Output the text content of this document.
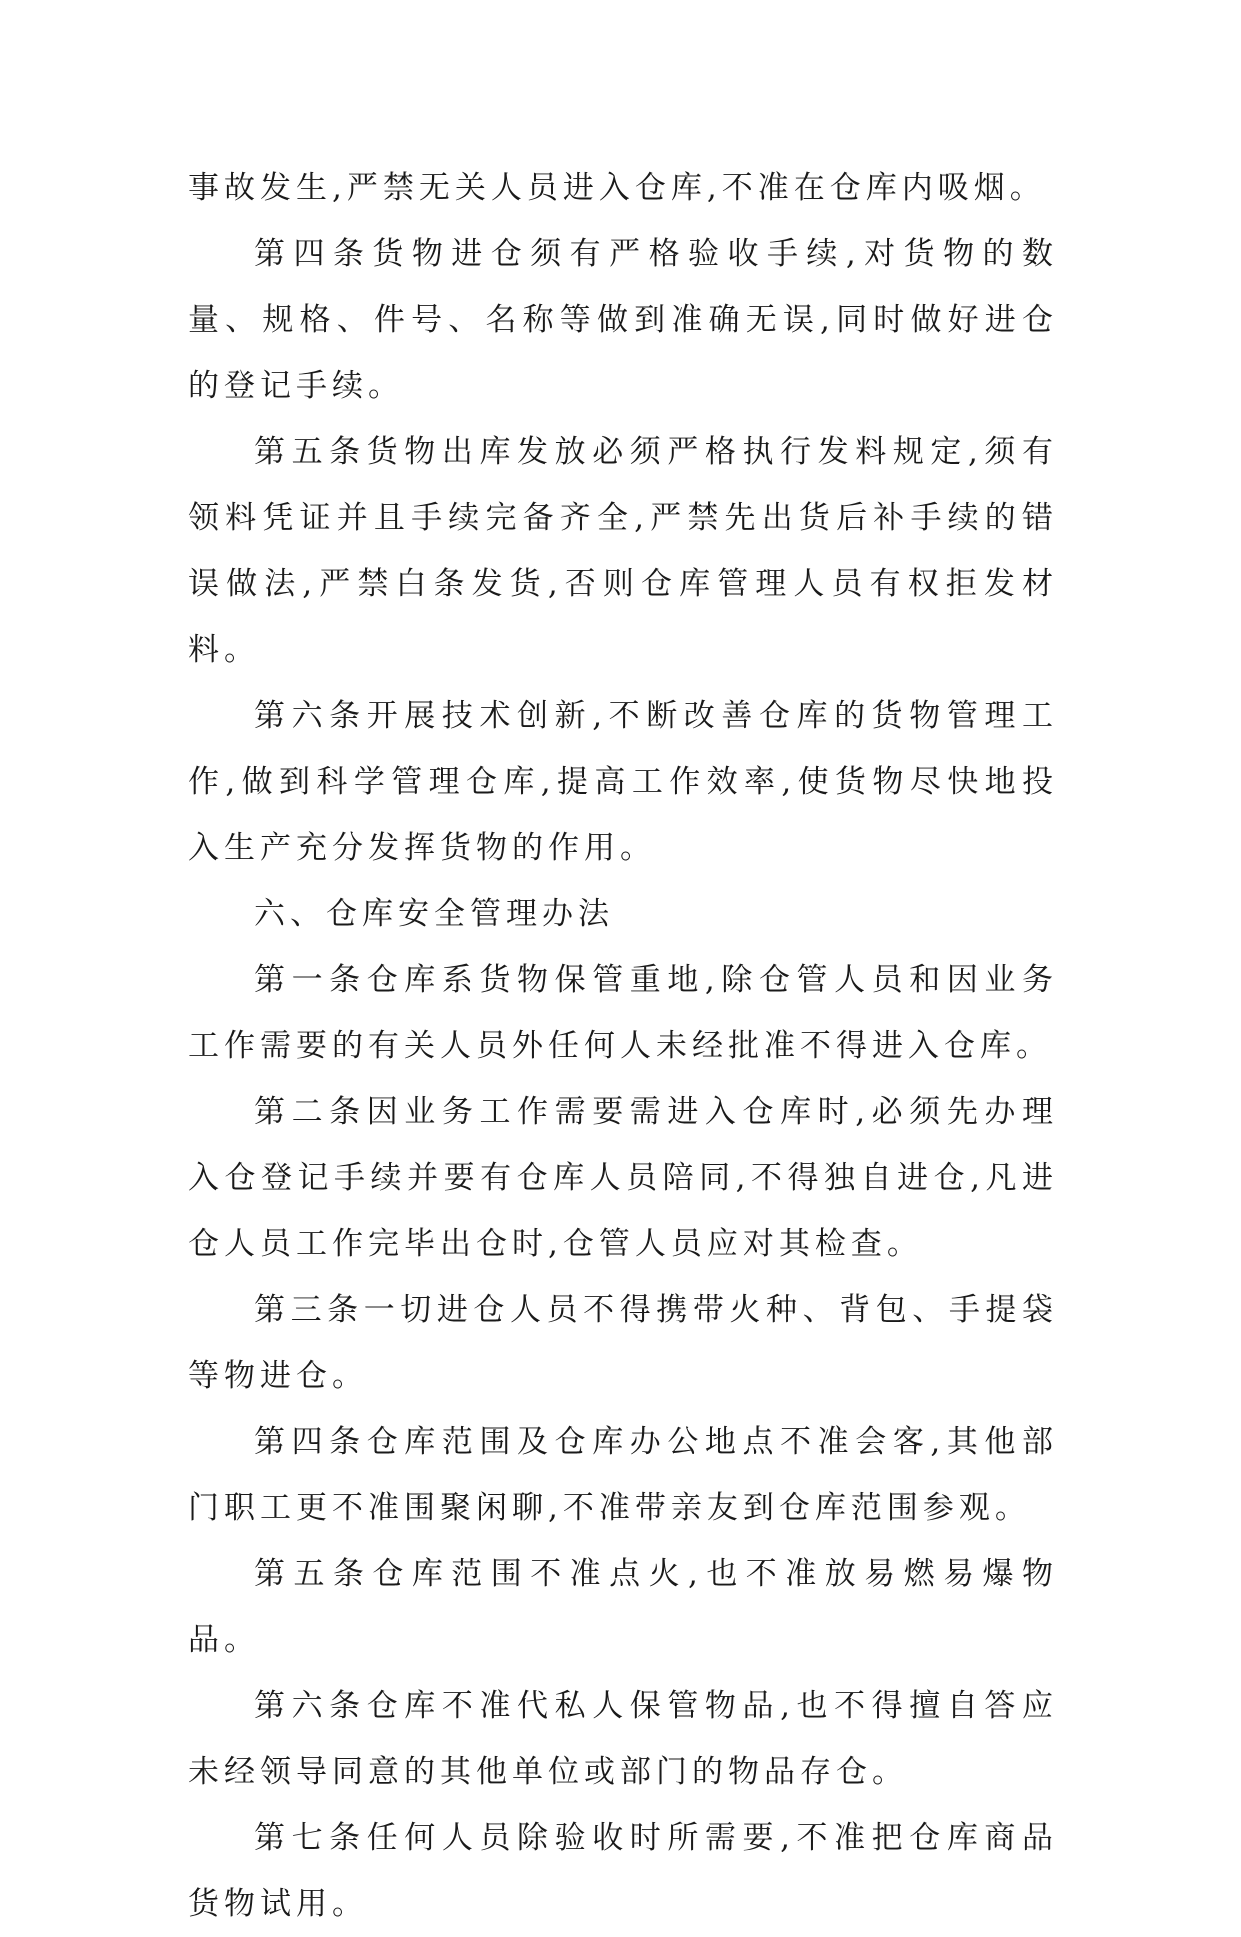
事故发生,严禁无关人员进入仓库,不准在仓库内吸烟。

第四条货物进仓须有严格验收手续,对货物的数量、规格、件号、名称等做到准确无误,同时做好进仓的登记手续。

第五条货物出库发放必须严格执行发料规定,须有领料凭证并且手续完备齐全,严禁先出货后补手续的错误做法,严禁白条发货,否则仓库管理人员有权拒发材料。

第六条开展技术创新,不断改善仓库的货物管理工作,做到科学管理仓库,提高工作效率,使货物尽快地投入生产充分发挥货物的作用。

六、仓库安全管理办法

第一条仓库系货物保管重地,除仓管人员和因业务工作需要的有关人员外任何人未经批准不得进入仓库。

第二条因业务工作需要需进入仓库时,必须先办理入仓登记手续并要有仓库人员陪同,不得独自进仓,凡进仓人员工作完毕出仓时,仓管人员应对其检查。

第三条一切进仓人员不得携带火种、背包、手提袋等物进仓。

第四条仓库范围及仓库办公地点不准会客,其他部门职工更不准围聚闲聊,不准带亲友到仓库范围参观。

第五条仓库范围不准点火,也不准放易燃易爆物品。

第六条仓库不准代私人保管物品,也不得擅自答应未经领导同意的其他单位或部门的物品存仓。

第七条任何人员除验收时所需要,不准把仓库商品货物试用。
